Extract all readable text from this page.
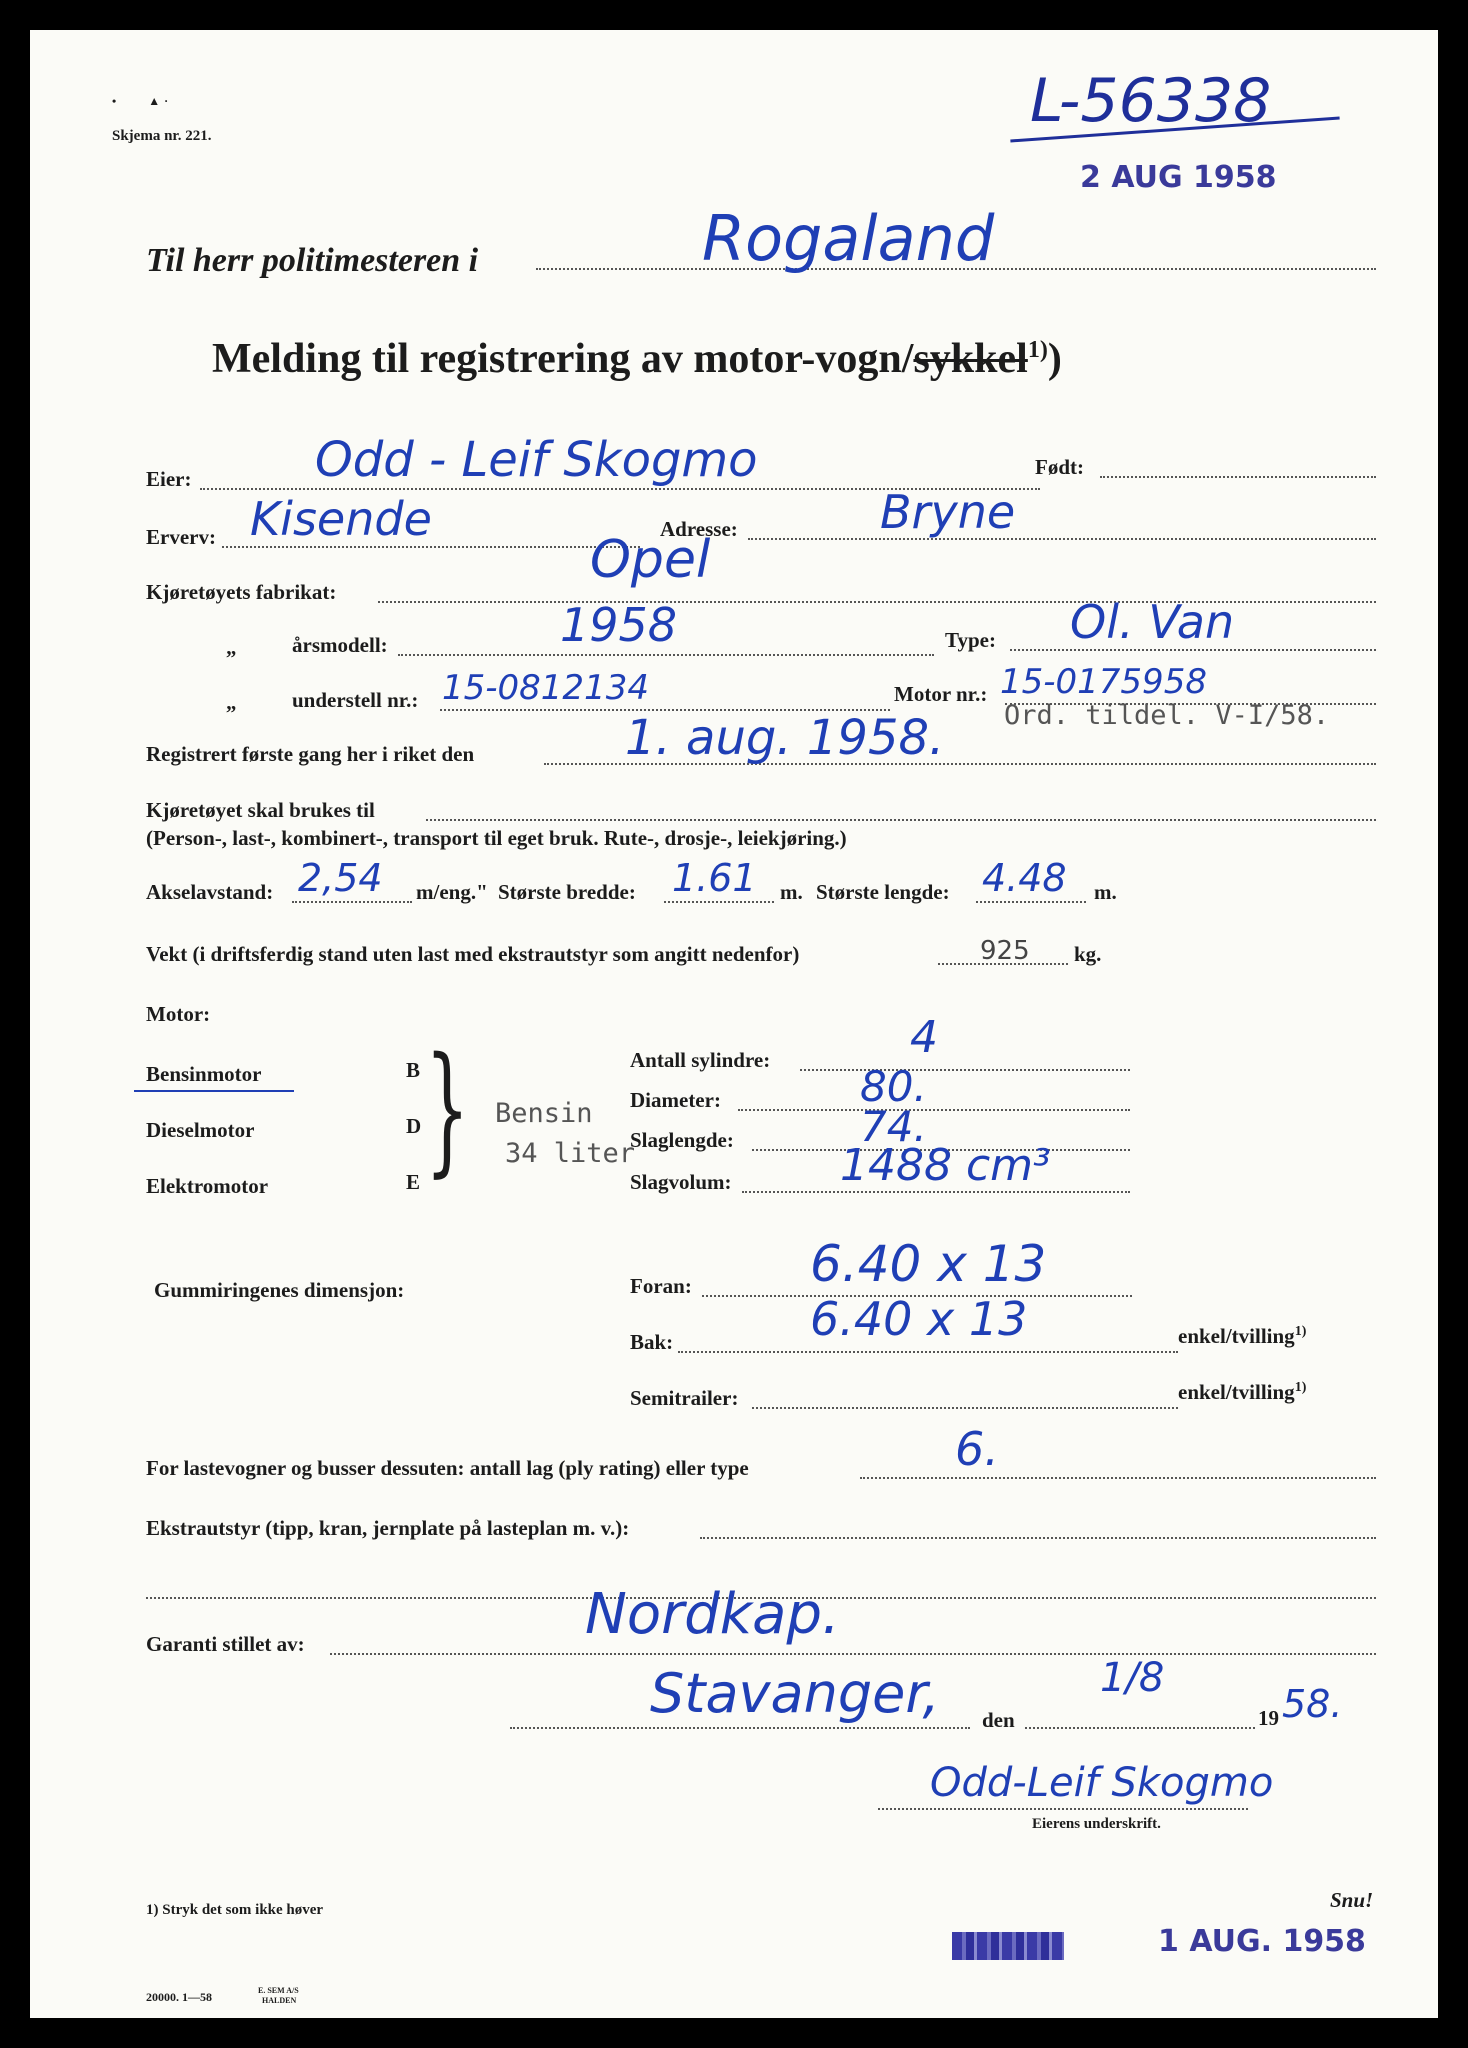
•    ▲·
Skjema nr. 221.	L-56338
2 AUG 1958
Til herr politimesteren i	Rogaland
Melding til registrering av motor-vogn/sykkel$^{1)}$)
Eier:	Odd - Leif Skogmo	Født:
Erverv: Kisende	Adresse:	Bryne
Kjøretøyets fabrikat:
Opel
„	årsmodell:	1958	Type: Ol. Van
„	understell nr.: 15-0812134	Motor nr.: 15-0175958
Ord. tildel. V-I/58.
Registrert første gang her i riket den	1. aug. 1958.
Kjøretøyet skal brukes til
(Person-, last-, kombinert-, transport til eget bruk. Rute-, drosje-, leiekjøring.)
Akselavstand: 2,54 m/eng." Største bredde: 1.61 m. Største lengde: 4.48 m.
Vekt (i driftsferdig stand uten last med ekstrautstyr som angitt nedenfor)	925 kg.
Motor:
Bensinmotor	B
Dieselmotor	D
Elektromotor	E } Bensin
34 liter
Antall sylindre:	4
Diameter:	80.
Slaglengde:	74.
Slagvolum: 1488 cm³
Gummiringenes dimensjon:	Foran: 6.40 x 13
Bak:	6.40 x 13	enkel/tvilling$^{1)}$
Semitrailer:	enkel/tvilling$^{1)}$
For lastevogner og busser dessuten: antall lag (ply rating) eller type	6.
Ekstrautstyr (tipp, kran, jernplate på lasteplan m. v.):
Garanti stillet av:	Nordkap.
Stavanger, den
1/8
19 58.
Odd-Leif Skogmo
Eierens underskrift.
1) Stryk det som ikke høver	Snu!
1 AUG. 1958
20000. 1—58	E. SEM A/S
HALDEN
